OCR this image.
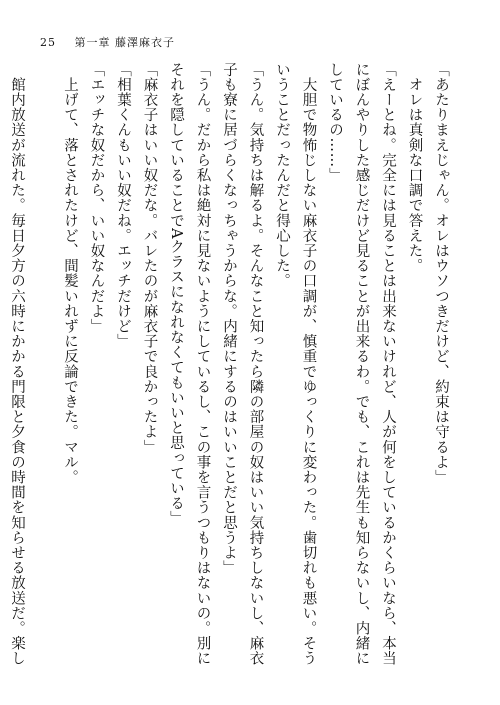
25 第一章 藤澤麻衣子
「あたりまえじゃん。オレはウソつきだけど、約束は守るよ」
　オレは真剣な口調で答えた。
「えーとね。完全には見ることは出来ないけれど、人が何をしているかくらいなら、本当
にぼんやりした感じだけど見ることが出来るわ。でも、これは先生も知らないし、内緒に
しているの……」
　大胆で物怖じしない麻衣子の口調が、慎重でゆっくりに変わった。歯切れも悪い。そう
いうことだったんだと得心した。
「うん。気持ちは解るよ。そんなこと知ったら隣の部屋の奴はいい気持ちしないし、麻衣
子も寮に居づらくなっちゃうからな。内緒にするのはいいことだと思うよ」
「うん。だから私は絶対に見ないようにしているし、この事を言うつもりはないの。別に
それを隠していることでAクラスになれなくてもいいと思っている」
「麻衣子はいい奴だな。バレたのが麻衣子で良かったよ」
「相葉くんもいい奴だね。エッチだけど」
「エッチな奴だから、いい奴なんだよ」
　上げて、落とされたけど、間髪いれずに反論できた。マル。

　館内放送が流れた。毎日夕方の六時にかかる門限と夕食の時間を知らせる放送だ。楽し
